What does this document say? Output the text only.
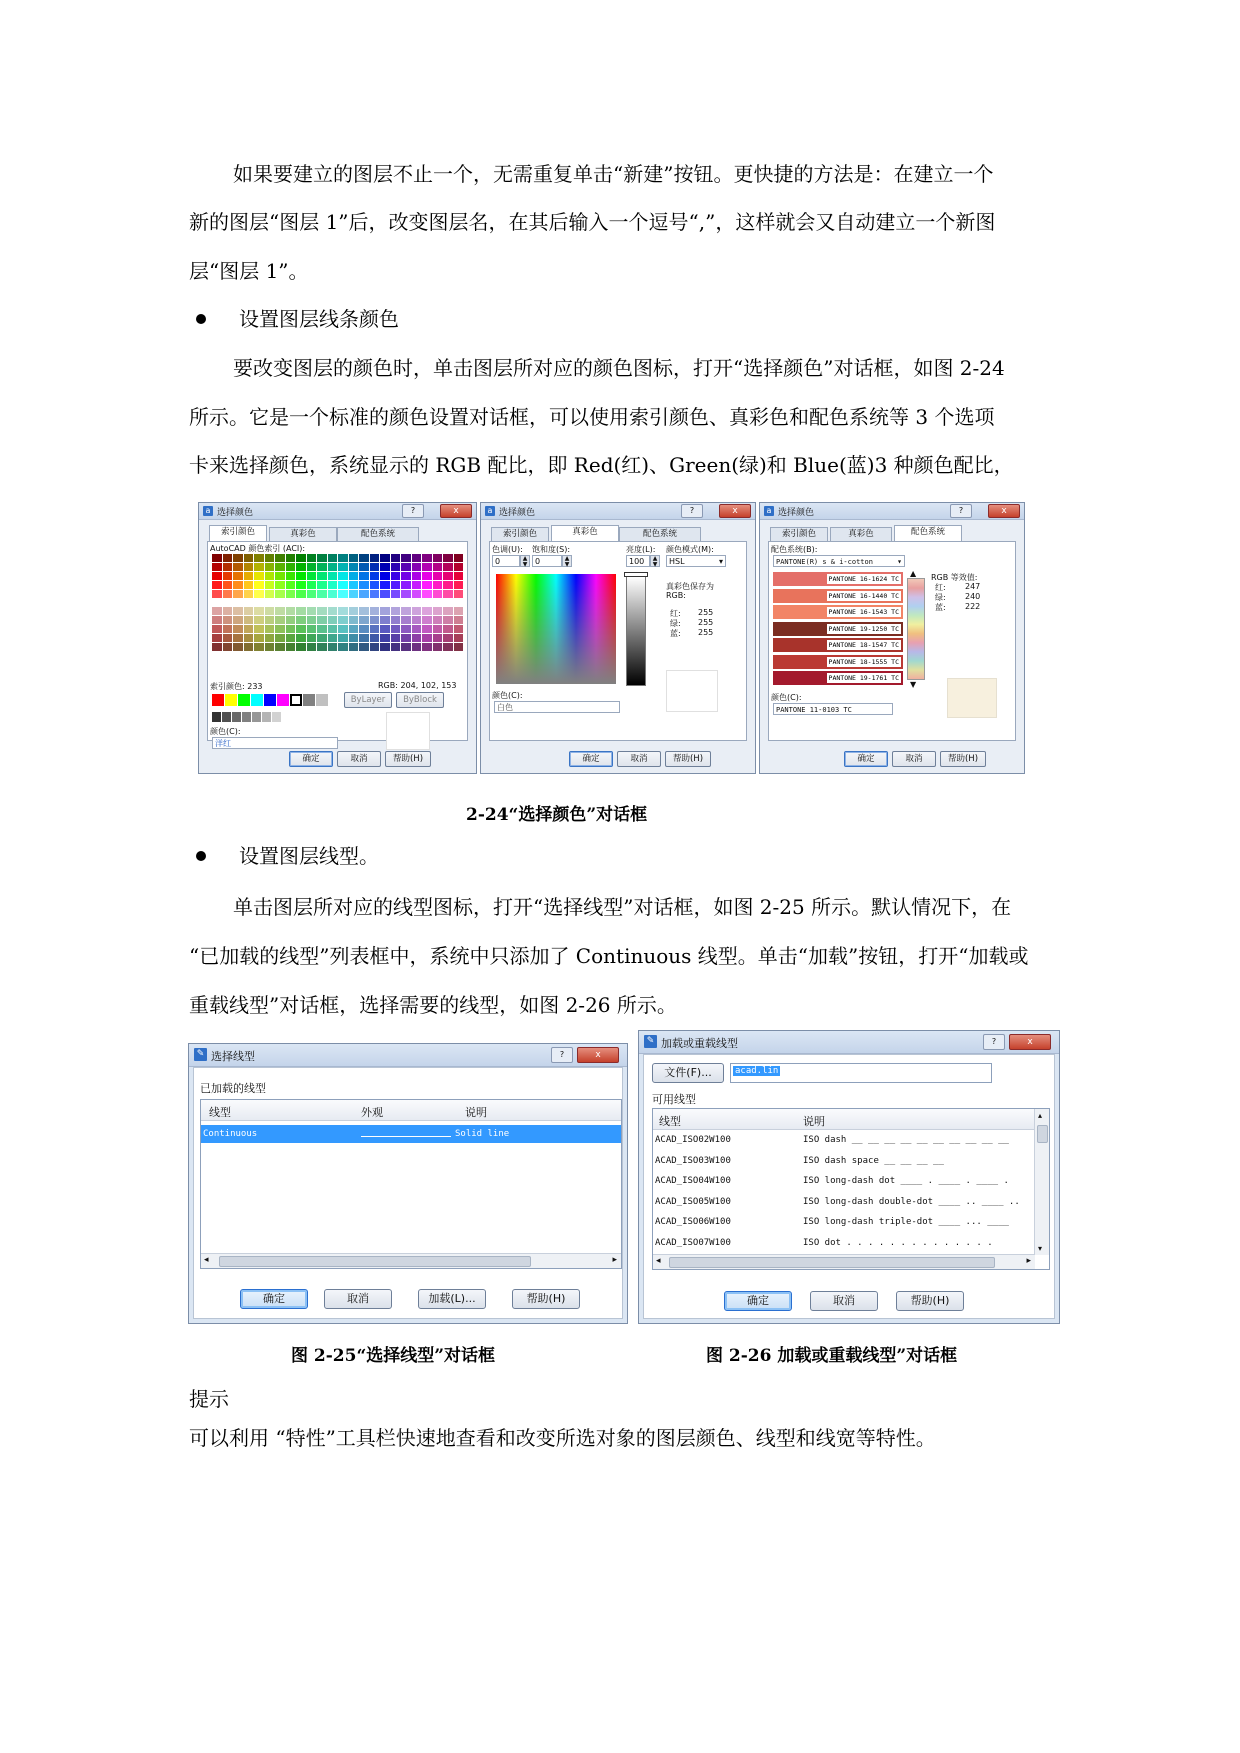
如果要建立的图层不止一个，无需重复单击“新建”按钮。更快捷的方法是：在建立一个
新的图层“图层 1”后，改变图层名，在其后输入一个逗号“,”，这样就会又自动建立一个新图
层“图层 1”。
设置图层线条颜色
要改变图层的颜色时，单击图层所对应的颜色图标，打开“选择颜色”对话框，如图 2-24
所示。它是一个标准的颜色设置对话框，可以使用索引颜色、真彩色和配色系统等 3 个选项
卡来选择颜色，系统显示的 RGB 配比，即 Red(红)、Green(绿)和 Blue(蓝)3 种颜色配比，
a 选择颜色	?	x
索引颜色	真彩色	配色系统
AutoCAD 颜色索引 (ACI):
索引颜色: 233	RGB: 204, 102, 153
ByLayer	ByBlock
颜色(C):
洋红
确定	取消	帮助(H)
a 选择颜色	?	x
索引颜色	真彩色	配色系统
色调(U): 饱和度(S):	亮度(L): 颜色模式(M):
0	▲
▼ 0	▲
▼	100	▲
▼	HSL ▾
真彩色保存为 RGB:
红: 255
绿: 255
蓝: 255
颜色(C):
白色
确定	取消	帮助(H)
a 选择颜色	?	x
索引颜色	真彩色	配色系统
配色系统(B):
PANTONE(R) s & i-cotton ▾
PANTONE 16-1624 TC
PANTONE 16-1440 TC
PANTONE 16-1543 TC
PANTONE 19-1250 TC
PANTONE 18-1547 TC
PANTONE 18-1555 TC
PANTONE 19-1761 TC
▲
▼
RGB 等效值:
红: 247
绿: 240
蓝: 222
颜色(C):
PANTONE 11-0103 TC
确定	取消	帮助(H)
2-24“选择颜色”对话框
设置图层线型。
单击图层所对应的线型图标，打开“选择线型”对话框，如图 2-25 所示。默认情况下，在
“已加载的线型”列表框中，系统中只添加了 Continuous 线型。单击“加载”按钮，打开“加载或
重载线型”对话框，选择需要的线型，如图 2-26 所示。
✎ 选择线型	?	x
已加载的线型
线型	外观	说明
Continuous	Solid line
◂	▸
确定	取消	加载(L)...	帮助(H)
✎ 加载或重载线型	?	x
文件(F)...	acad.lin
可用线型
线型	说明
ACAD_ISO02W100	ISO dash __ __ __ __ __ __ __ __ __ __
ACAD_ISO03W100	ISO dash space __ __ __ __
ACAD_ISO04W100	ISO long-dash dot ____ . ____ . ____ .
ACAD_ISO05W100	ISO long-dash double-dot ____ .. ____ ..
ACAD_ISO06W100	ISO long-dash triple-dot ____ ... ____
ACAD_ISO07W100	ISO dot . . . . . . . . . . . . . .
▴
▾
◂	▸
确定	取消	帮助(H)
图 2-25“选择线型”对话框	图 2-26 加载或重载线型”对话框
提示
可以利用 “特性”工具栏快速地查看和改变所选对象的图层颜色、线型和线宽等特性。
